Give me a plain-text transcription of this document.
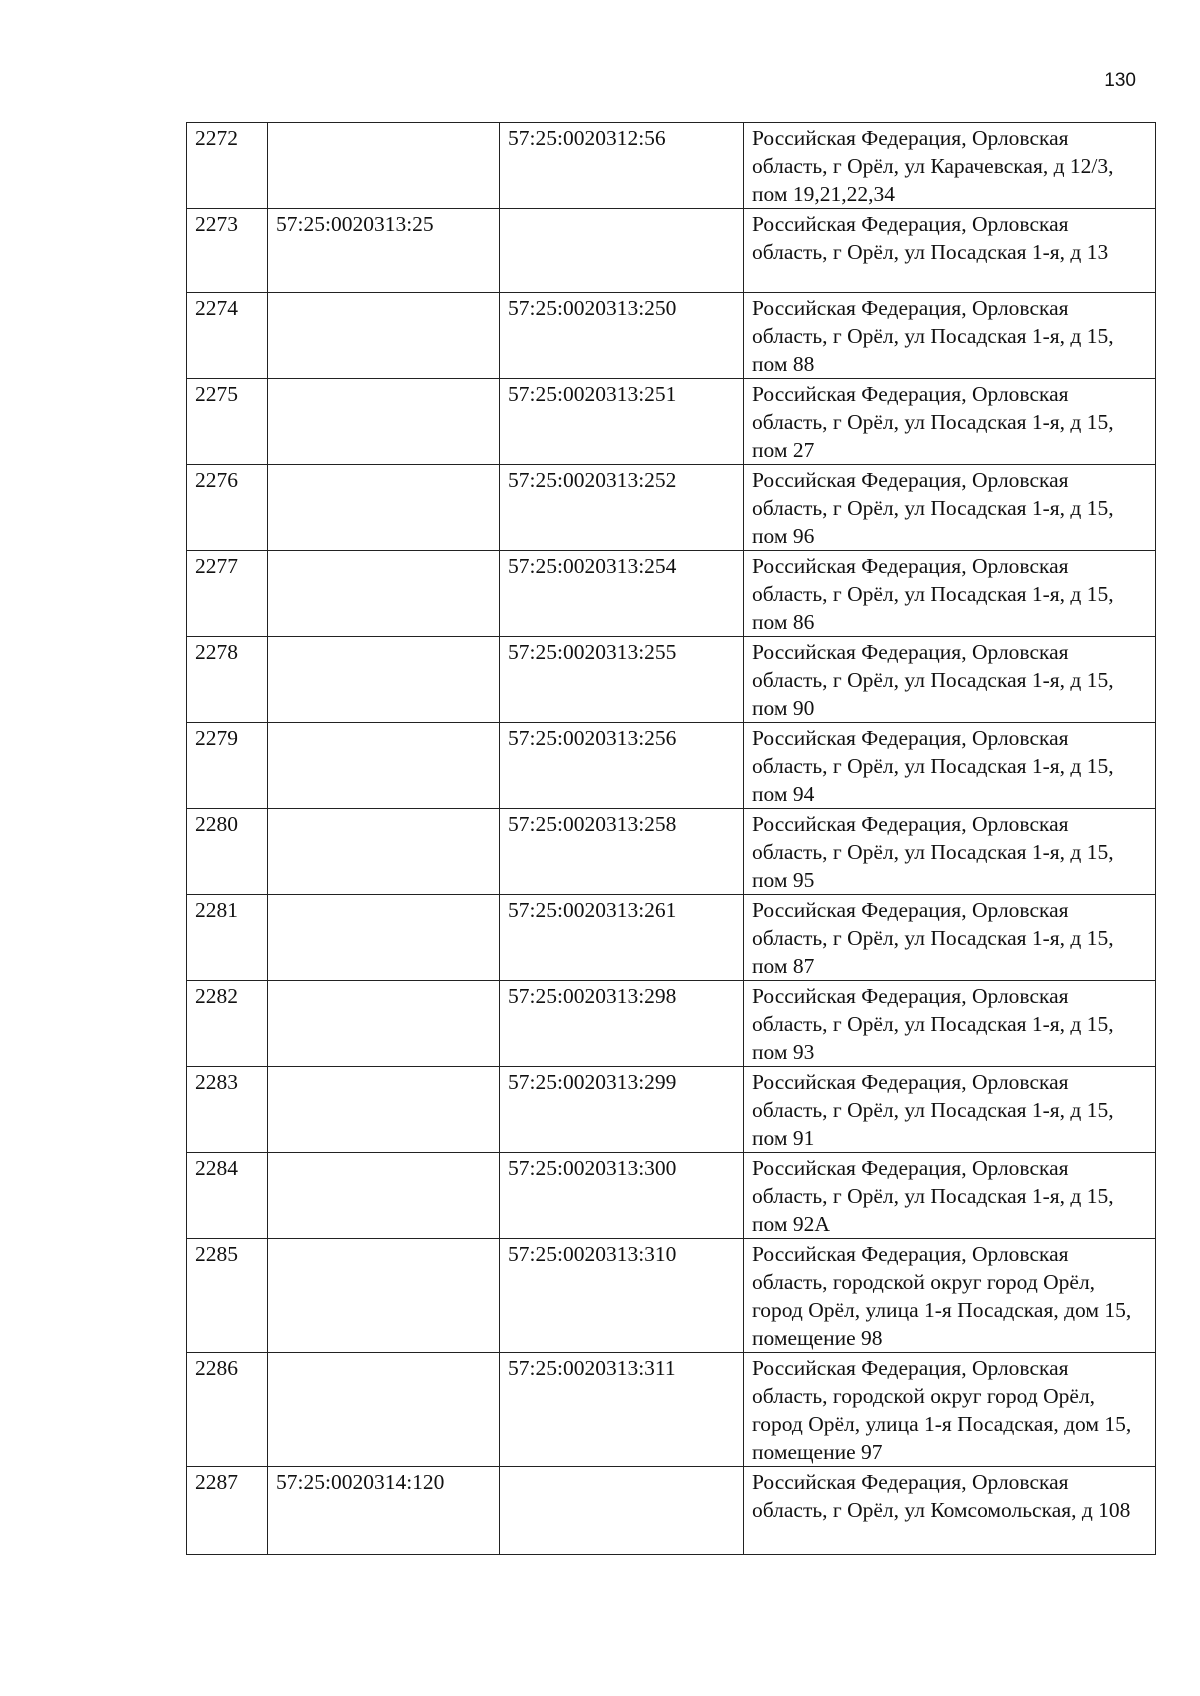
130
2272		57:25:0020312:56	Российская Федерация, Орловская область, г Орёл, ул Карачевская, д 12/3, пом 19,21,22,34
2273	57:25:0020313:25		Российская Федерация, Орловская область, г Орёл, ул Посадская 1-я, д 13
2274		57:25:0020313:250	Российская Федерация, Орловская область, г Орёл, ул Посадская 1-я, д 15, пом 88
2275		57:25:0020313:251	Российская Федерация, Орловская область, г Орёл, ул Посадская 1-я, д 15, пом 27
2276		57:25:0020313:252	Российская Федерация, Орловская область, г Орёл, ул Посадская 1-я, д 15, пом 96
2277		57:25:0020313:254	Российская Федерация, Орловская область, г Орёл, ул Посадская 1-я, д 15, пом 86
2278		57:25:0020313:255	Российская Федерация, Орловская область, г Орёл, ул Посадская 1-я, д 15, пом 90
2279		57:25:0020313:256	Российская Федерация, Орловская область, г Орёл, ул Посадская 1-я, д 15, пом 94
2280		57:25:0020313:258	Российская Федерация, Орловская область, г Орёл, ул Посадская 1-я, д 15, пом 95
2281		57:25:0020313:261	Российская Федерация, Орловская область, г Орёл, ул Посадская 1-я, д 15, пом 87
2282		57:25:0020313:298	Российская Федерация, Орловская область, г Орёл, ул Посадская 1-я, д 15, пом 93
2283		57:25:0020313:299	Российская Федерация, Орловская область, г Орёл, ул Посадская 1-я, д 15, пом 91
2284		57:25:0020313:300	Российская Федерация, Орловская область, г Орёл, ул Посадская 1-я, д 15, пом 92А
2285		57:25:0020313:310	Российская Федерация, Орловская область, городской округ город Орёл, город Орёл, улица 1-я Посадская, дом 15, помещение 98
2286		57:25:0020313:311	Российская Федерация, Орловская область, городской округ город Орёл, город Орёл, улица 1-я Посадская, дом 15, помещение 97
2287	57:25:0020314:120		Российская Федерация, Орловская область, г Орёл, ул Комсомольская, д 108
